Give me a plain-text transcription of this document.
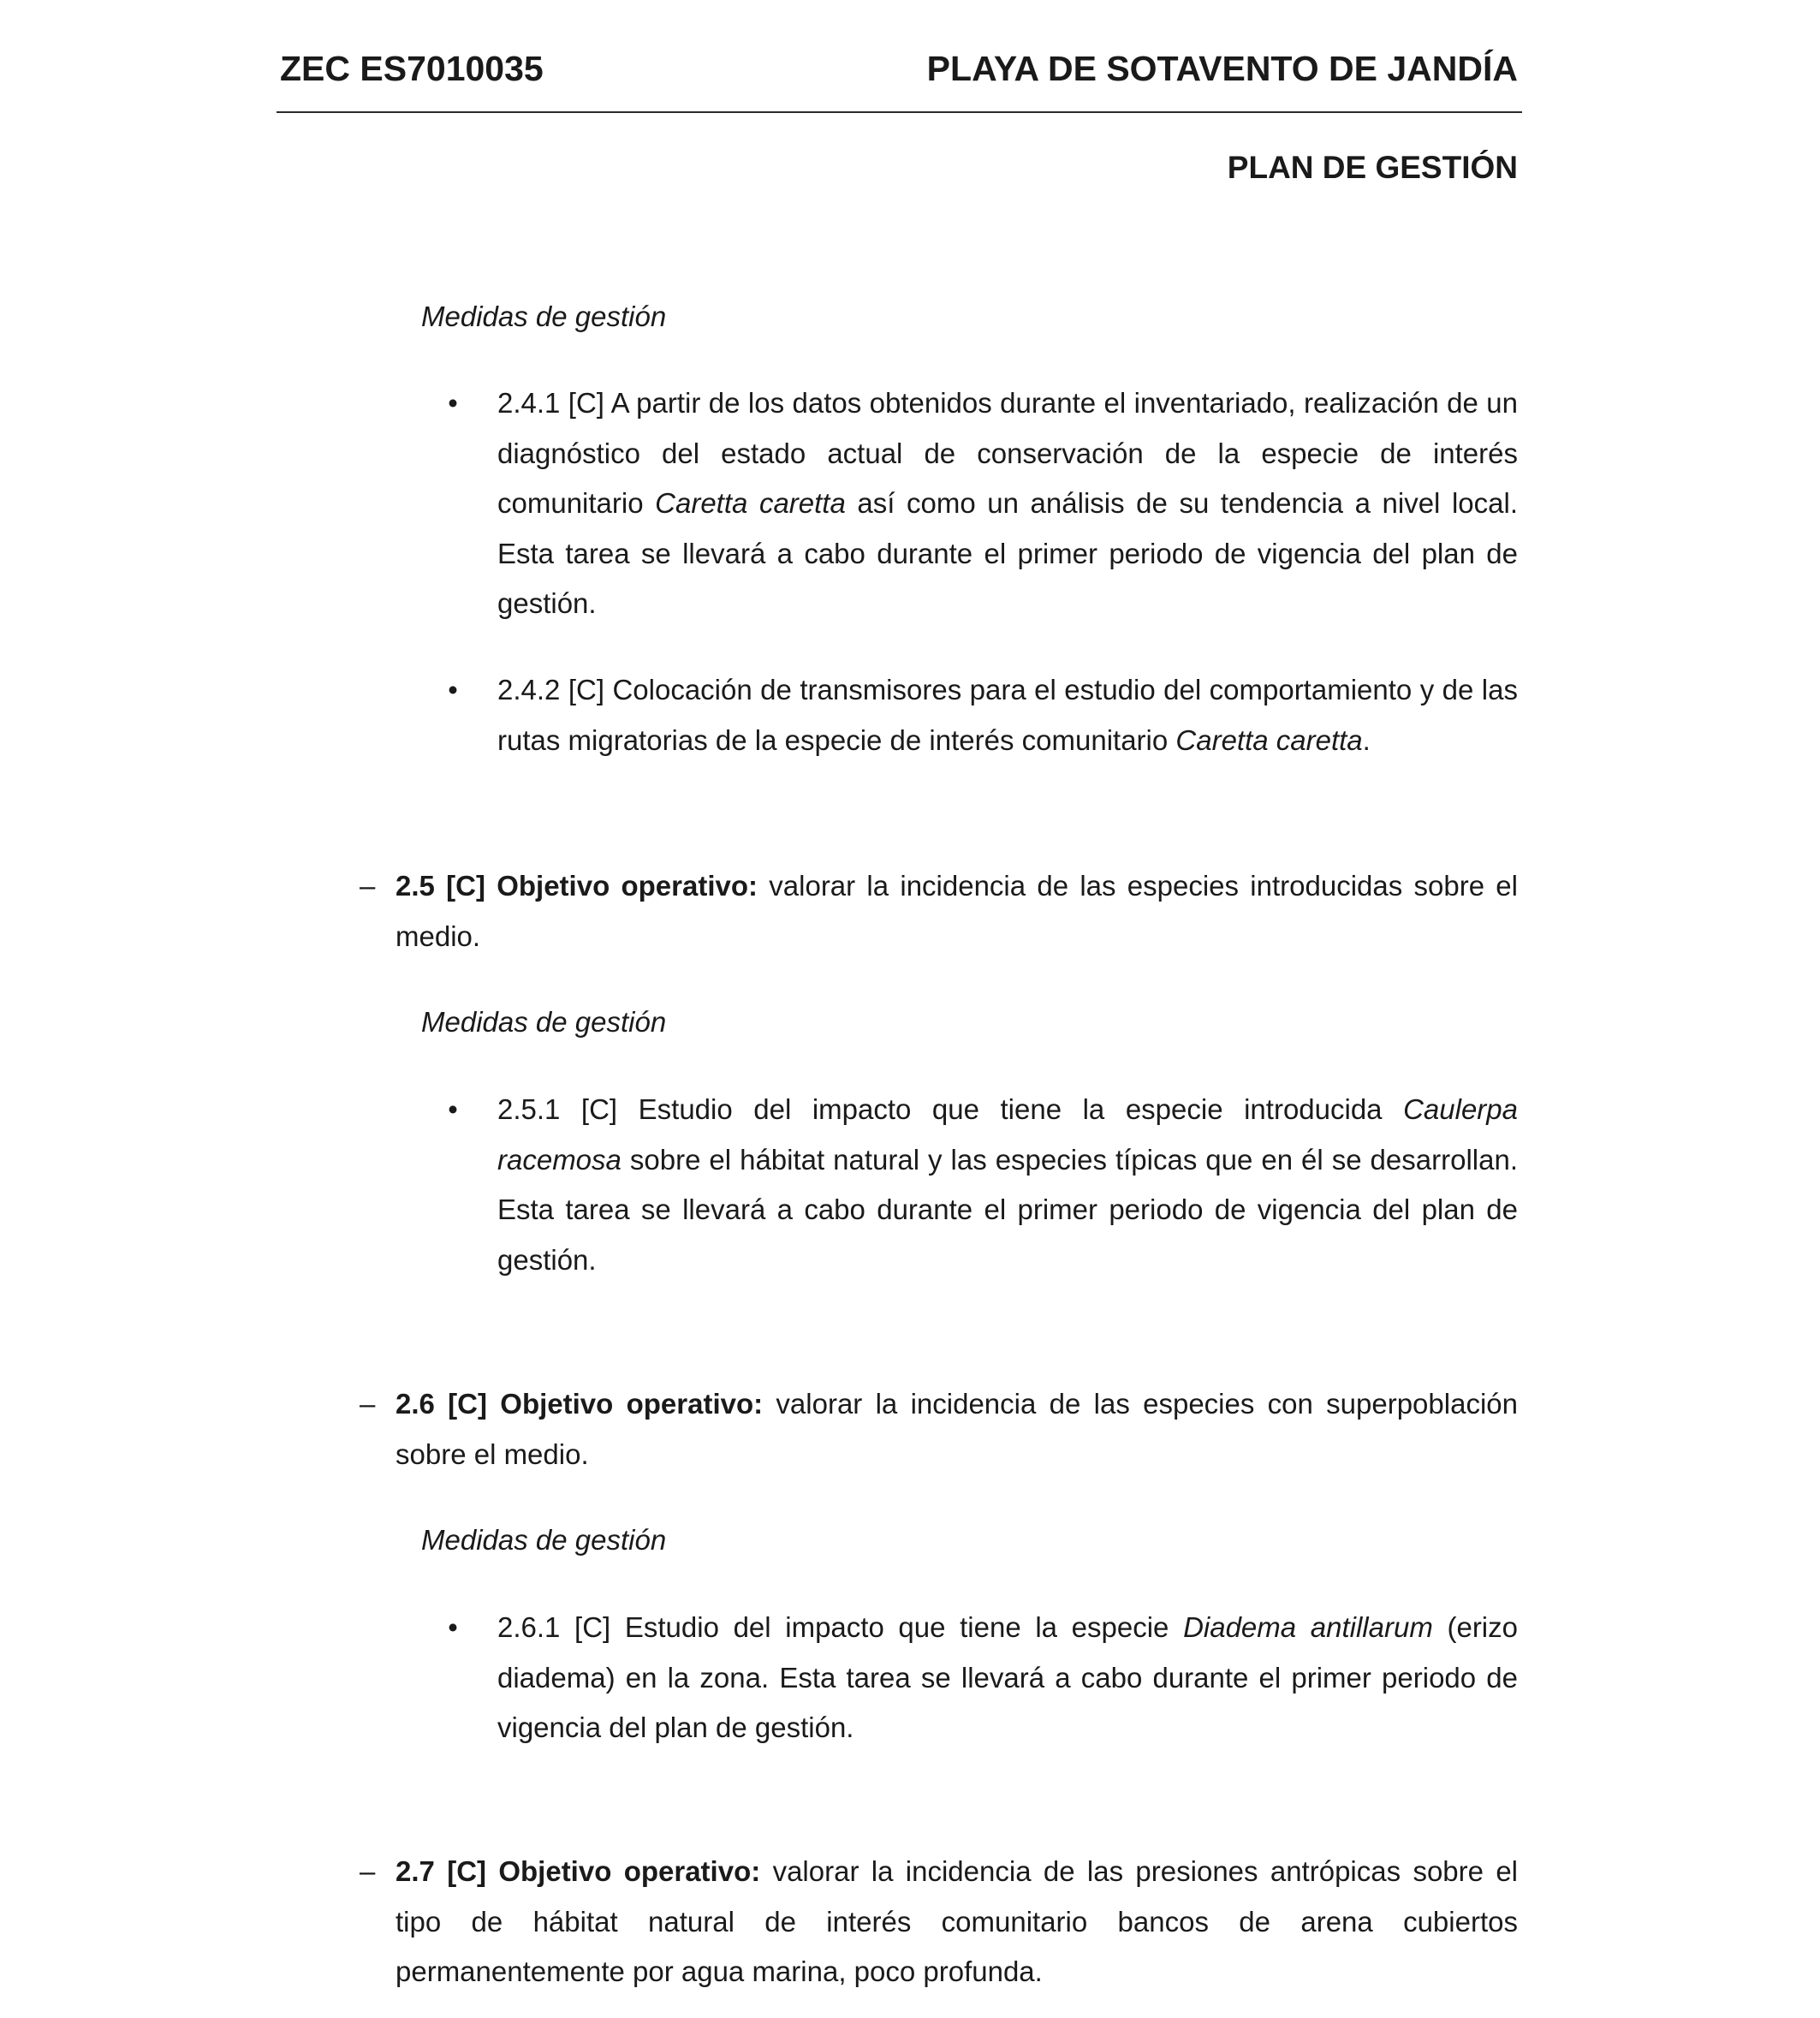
ZEC ES7010035	PLAYA DE SOTAVENTO DE JANDÍA
PLAN DE GESTIÓN
Medidas de gestión
• 2.4.1 [C] A partir de los datos obtenidos durante el inventariado, realización de un diagnóstico del estado actual de conservación de la especie de interés comunitario Caretta caretta así como un análisis de su tendencia a nivel local. Esta tarea se llevará a cabo durante el primer periodo de vigencia del plan de gestión.
• 2.4.2 [C] Colocación de transmisores para el estudio del comportamiento y de las rutas migratorias de la especie de interés comunitario Caretta caretta.
– 2.5 [C] Objetivo operativo: valorar la incidencia de las especies introducidas sobre el medio.
Medidas de gestión
• 2.5.1 [C] Estudio del impacto que tiene la especie introducida Caulerpa racemosa sobre el hábitat natural y las especies típicas que en él se desarrollan. Esta tarea se llevará a cabo durante el primer periodo de vigencia del plan de gestión.
– 2.6 [C] Objetivo operativo: valorar la incidencia de las especies con superpoblación sobre el medio.
Medidas de gestión
• 2.6.1 [C] Estudio del impacto que tiene la especie Diadema antillarum (erizo diadema) en la zona. Esta tarea se llevará a cabo durante el primer periodo de vigencia del plan de gestión.
– 2.7 [C] Objetivo operativo: valorar la incidencia de las presiones antrópicas sobre el tipo de hábitat natural de interés comunitario bancos de arena cubiertos permanentemente por agua marina, poco profunda.
